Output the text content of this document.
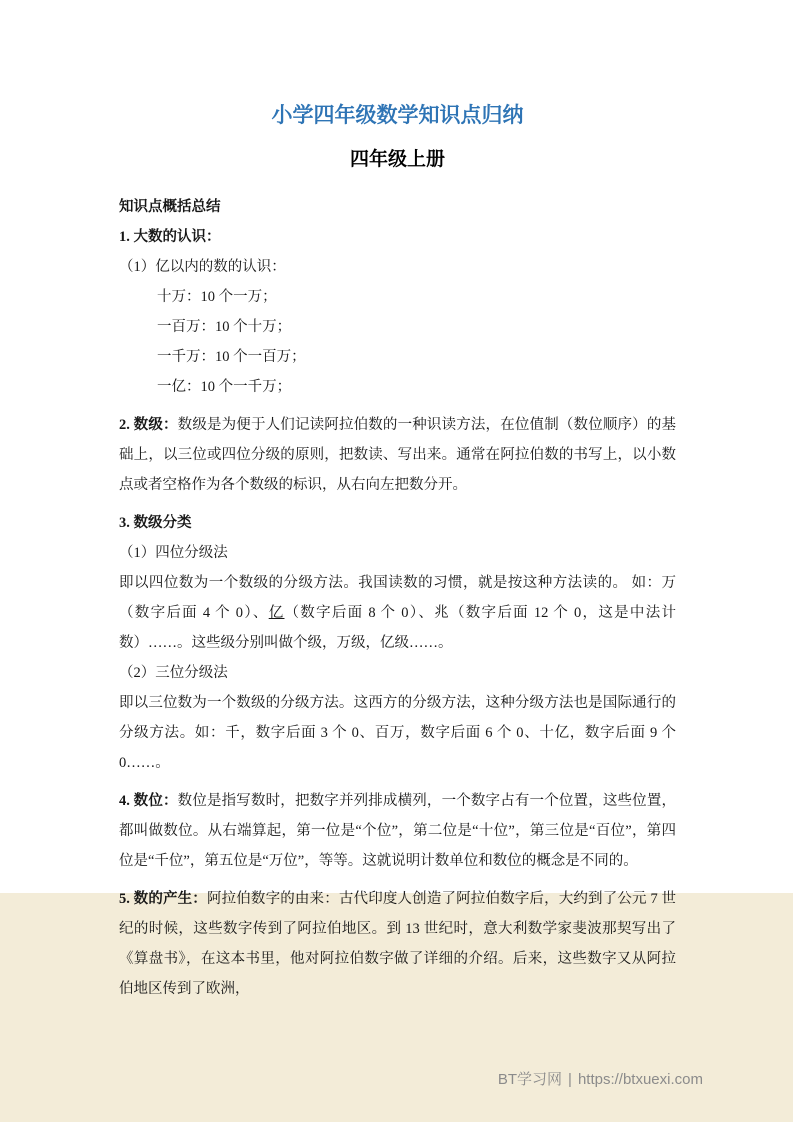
小学四年级数学知识点归纳
四年级上册

知识点概括总结

1. 大数的认识：

（1）亿以内的数的认识：

十万：10 个一万；

一百万：10 个十万；

一千万：10 个一百万；

一亿：10 个一千万；

2. 数级：数级是为便于人们记读阿拉伯数的一种识读方法，在位值制（数位顺序）的基础上，以三位或四位分级的原则，把数读、写出来。通常在阿拉伯数的书写上，以小数点或者空格作为各个数级的标识，从右向左把数分开。

3. 数级分类

（1）四位分级法

即以四位数为一个数级的分级方法。我国读数的习惯，就是按这种方法读的。 如：万（数字后面 4 个 0）、亿（数字后面 8 个 0）、兆（数字后面 12 个 0，这是中法计数）……。这些级分别叫做个级，万级，亿级……。

（2）三位分级法

即以三位数为一个数级的分级方法。这西方的分级方法，这种分级方法也是国际通行的分级方法。如：千，数字后面 3 个 0、百万，数字后面 6 个 0、十亿，数字后面 9 个 0……。

4. 数位：数位是指写数时，把数字并列排成横列，一个数字占有一个位置，这些位置，都叫做数位。从右端算起，第一位是“个位”，第二位是“十位”，第三位是“百位”，第四位是“千位”，第五位是“万位”，等等。这就说明计数单位和数位的概念是不同的。

5. 数的产生：阿拉伯数字的由来：古代印度人创造了阿拉伯数字后，大约到了公元 7 世纪的时候，这些数字传到了阿拉伯地区。到 13 世纪时，意大利数学家斐波那契写出了《算盘书》，在这本书里，他对阿拉伯数字做了详细的介绍。后来，这些数字又从阿拉伯地区传到了欧洲，

BT学习网 | https://btxuexi.com
